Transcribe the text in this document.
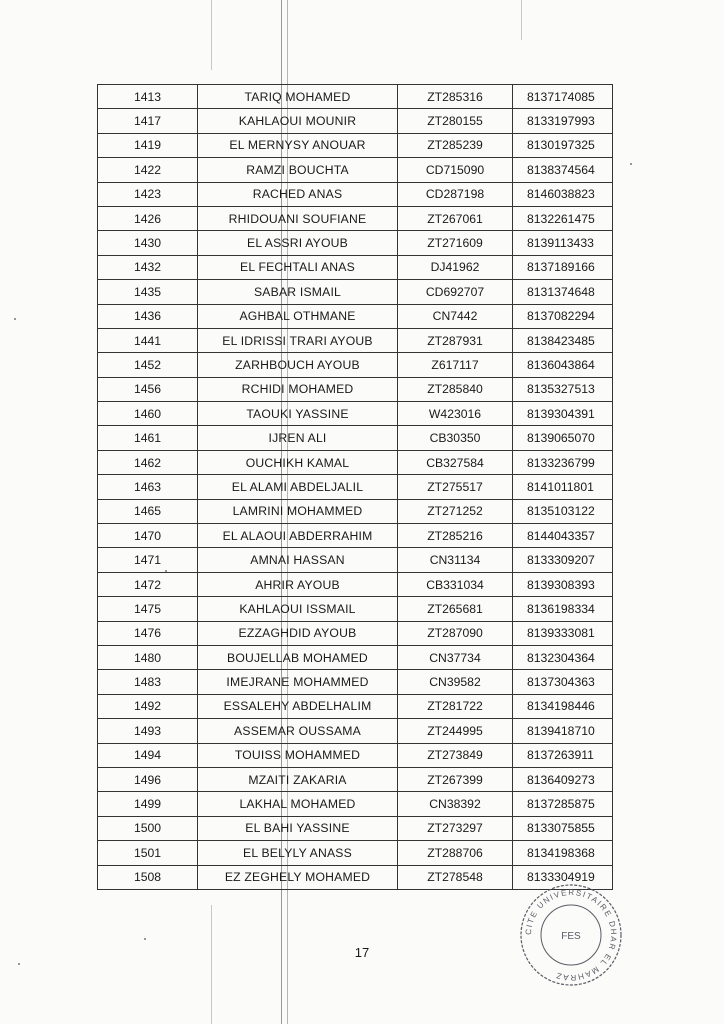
1413	TARIQ MOHAMED	ZT285316	8137174085
1417	KAHLAOUI MOUNIR	ZT280155	8133197993
1419	EL MERNYSY ANOUAR	ZT285239	8130197325
1422	RAMZI BOUCHTA	CD715090	8138374564
1423	RACHED ANAS	CD287198	8146038823
1426	RHIDOUANI SOUFIANE	ZT267061	8132261475
1430	EL ASSRI AYOUB	ZT271609	8139113433
1432	EL FECHTALI ANAS	DJ41962	8137189166
1435	SABAR ISMAIL	CD692707	8131374648
1436	AGHBAL OTHMANE	CN7442	8137082294
1441	EL IDRISSI TRARI AYOUB	ZT287931	8138423485
1452	ZARHBOUCH AYOUB	Z617117	8136043864
1456	RCHIDI MOHAMED	ZT285840	8135327513
1460	TAOUKI YASSINE	W423016	8139304391
1461	IJREN ALI	CB30350	8139065070
1462	OUCHIKH KAMAL	CB327584	8133236799
1463	EL ALAMI ABDELJALIL	ZT275517	8141011801
1465	LAMRINI MOHAMMED	ZT271252	8135103122
1470	EL ALAOUI ABDERRAHIM	ZT285216	8144043357
1471	AMNAI HASSAN	CN31134	8133309207
1472	AHRIR AYOUB	CB331034	8139308393
1475	KAHLAOUI ISSMAIL	ZT265681	8136198334
1476	EZZAGHDID AYOUB	ZT287090	8139333081
1480	BOUJELLAB MOHAMED	CN37734	8132304364
1483	IMEJRANE MOHAMMED	CN39582	8137304363
1492	ESSALEHY ABDELHALIM	ZT281722	8134198446
1493	ASSEMAR OUSSAMA	ZT244995	8139418710
1494	TOUISS MOHAMMED	ZT273849	8137263911
1496	MZAITI ZAKARIA	ZT267399	8136409273
1499	LAKHAL MOHAMED	CN38392	8137285875
1500	EL BAHI YASSINE	ZT273297	8133075855
1501	EL BELYLY ANASS	ZT288706	8134198368
1508	EZ ZEGHELY MOHAMED	ZT278548	8133304919
17
CITE UNIVERSITAIRE DHAR EL MAHRAZ
FES
